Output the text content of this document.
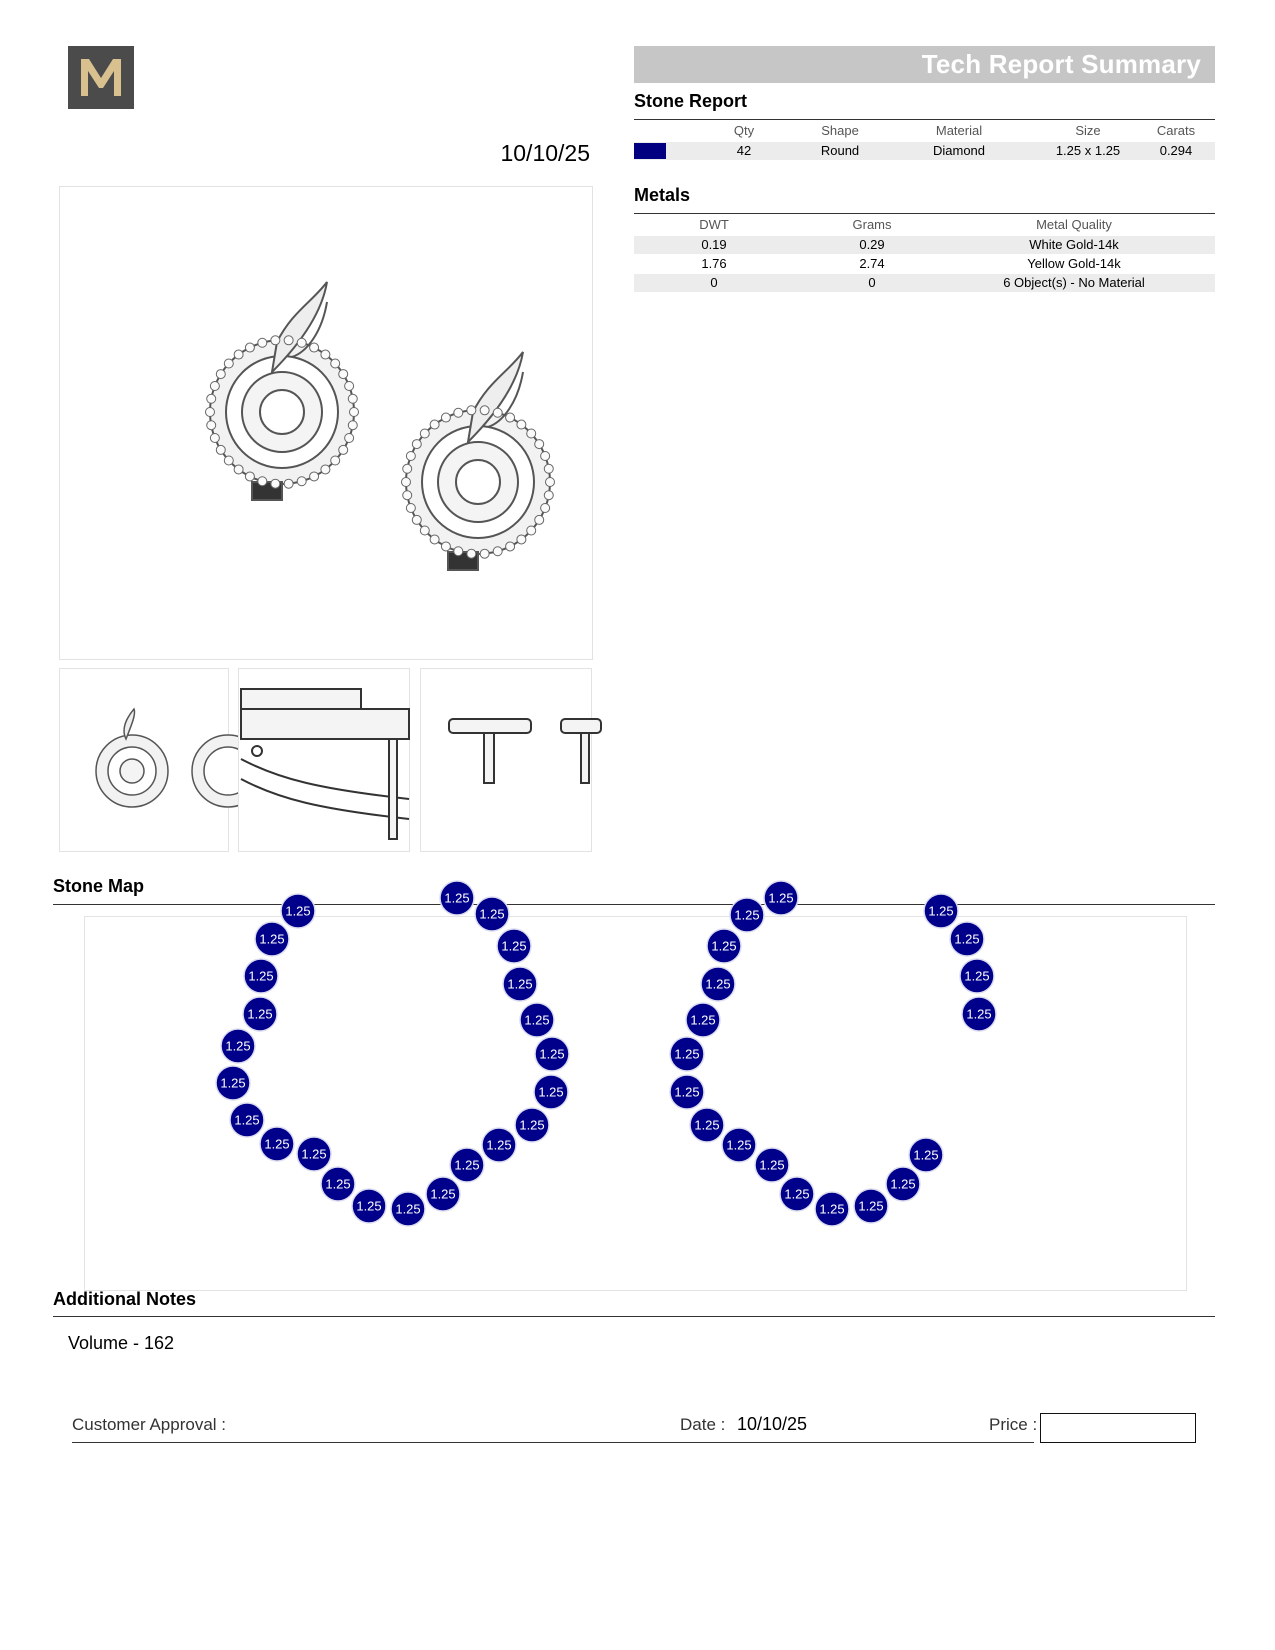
10/10/25
Tech Report Summary
Stone Report
Qty	Shape	Material	Size	Carats
42	Round	Diamond	1.25 x 1.25	0.294
Metals
DWT	Grams	Metal Quality
0.19	0.29	White Gold-14k
1.76	2.74	Yellow Gold-14k
0	0	6 Object(s) - No Material
Stone Map
1.25
1.25
1.25
1.25
1.25
1.25
1.25
1.25
1.25
1.25
1.25 1.25
1.25
1.25
1.25
1.25
1.25
1.25
1.25
1.25
1.25
1.25
1.25	1.25
1.25
1.25
1.25
1.25
1.25
1.25
1.25
1.25
1.25
1.25
1.25 1.25
1.25
1.25
1.25
1.25
1.25
1.25
Additional Notes
Volume - 162
Customer Approval :	Date : 10/10/25	Price :
